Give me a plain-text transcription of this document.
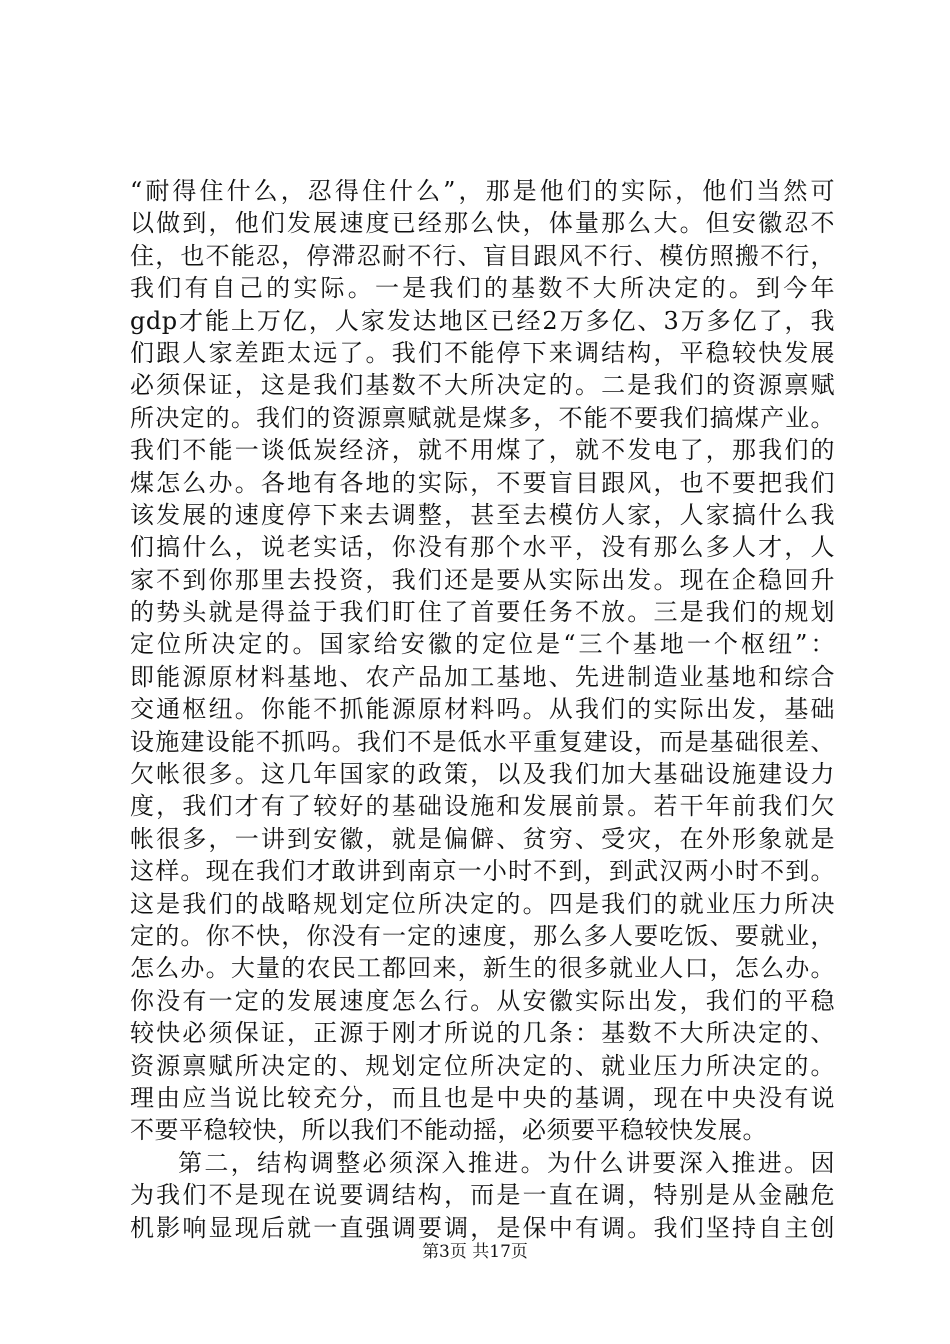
“耐得住什么，忍得住什么”，那是他们的实际，他们当然可
以做到，他们发展速度已经那么快，体量那么大。但安徽忍不
住，也不能忍，停滞忍耐不行、盲目跟风不行、模仿照搬不行，
我们有自己的实际。一是我们的基数不大所决定的。到今年
gdp才能上万亿，人家发达地区已经2万多亿、3万多亿了，我
们跟人家差距太远了。我们不能停下来调结构，平稳较快发展
必须保证，这是我们基数不大所决定的。二是我们的资源禀赋
所决定的。我们的资源禀赋就是煤多，不能不要我们搞煤产业。
我们不能一谈低炭经济，就不用煤了，就不发电了，那我们的
煤怎么办。各地有各地的实际，不要盲目跟风，也不要把我们
该发展的速度停下来去调整，甚至去模仿人家，人家搞什么我
们搞什么，说老实话，你没有那个水平，没有那么多人才，人
家不到你那里去投资，我们还是要从实际出发。现在企稳回升
的势头就是得益于我们盯住了首要任务不放。三是我们的规划
定位所决定的。国家给安徽的定位是“三个基地一个枢纽”：
即能源原材料基地、农产品加工基地、先进制造业基地和综合
交通枢纽。你能不抓能源原材料吗。从我们的实际出发，基础
设施建设能不抓吗。我们不是低水平重复建设，而是基础很差、
欠帐很多。这几年国家的政策，以及我们加大基础设施建设力
度，我们才有了较好的基础设施和发展前景。若干年前我们欠
帐很多，一讲到安徽，就是偏僻、贫穷、受灾，在外形象就是
这样。现在我们才敢讲到南京一小时不到，到武汉两小时不到。
这是我们的战略规划定位所决定的。四是我们的就业压力所决
定的。你不快，你没有一定的速度，那么多人要吃饭、要就业，
怎么办。大量的农民工都回来，新生的很多就业人口，怎么办。
你没有一定的发展速度怎么行。从安徽实际出发，我们的平稳
较快必须保证，正源于刚才所说的几条：基数不大所决定的、
资源禀赋所决定的、规划定位所决定的、就业压力所决定的。
理由应当说比较充分，而且也是中央的基调，现在中央没有说
不要平稳较快，所以我们不能动摇，必须要平稳较快发展。
第二，结构调整必须深入推进。为什么讲要深入推进。因
为我们不是现在说要调结构，而是一直在调，特别是从金融危
机影响显现后就一直强调要调，是保中有调。我们坚持自主创
第3页 共17页
